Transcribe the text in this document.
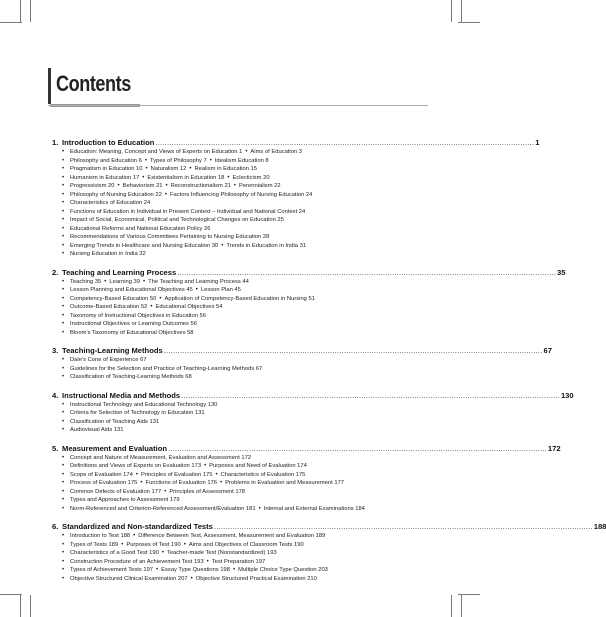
Contents
1. Introduction to Education .................................................................................................................................................................... 1
• Education: Meaning, Concept and Views of Experts on Education 1 • Aims of Education 3
• Philosophy and Education 6 • Types of Philosophy 7 • Idealism Education 8
• Pragmatism in Education 10 • Naturalism 12 • Realism in Education 15
• Humanism in Education 17 • Existentialism in Education 18 • Eclecticism 20
• Progressivism 20 • Behaviorism 21 • Reconstructionalism 21 • Perennialism 22
• Philosophy of Nursing Education 22 • Factors Influencing Philosophy of Nursing Education 24
• Characteristics of Education 24
• Functions of Education in Individual in Present Context – Individual and National Context 24
• Impact of Social, Economical, Political and Technological Changes on Education 25
• Educational Reforms and National Education Policy 26
• Recommendations of Various Committees Pertaining to Nursing Education 28
• Emerging Trends in Healthcare and Nursing Education 30 • Trends in Education in India 31
• Nursing Education in India 32
2. Teaching and Learning Process .................................................................................................................................................................... 35
• Teaching 35 • Learning 39 • The Teaching and Learning Process 44
• Lesson Planning and Educational Objectives 45 • Lesson Plan 45
• Competency-Based Education 50 • Application of Competency-Based Education in Nursing 51
• Outcome-Based Education 52 • Educational Objectives 54
• Taxonomy of Instructional Objectives in Education 56
• Instructional Objectives or Learning Outcomes 56
• Bloom’s Taxonomy of Educational Objectives 58
3. Teaching-Learning Methods .................................................................................................................................................................... 67
• Dale’s Cone of Experience 67
• Guidelines for the Selection and Practice of Teaching-Learning Methods 67
• Classification of Teaching-Learning Methods 68
4. Instructional Media and Methods .................................................................................................................................................................... 130
• Instructional Technology and Educational Technology 130
• Criteria for Selection of Technology in Education 131
• Classification of Teaching Aids 131
• Audiovisual Aids 131
5. Measurement and Evaluation .................................................................................................................................................................... 172
• Concept and Nature of Measurement, Evaluation and Assessment 172
• Definitions and Views of Experts on Evaluation 173 • Purposes and Need of Evaluation 174
• Scope of Evaluation 174 • Principles of Evaluation 175 • Characteristics of Evaluation 175
• Process of Evaluation 175 • Functions of Evaluation 176 • Problems in Evaluation and Measurement 177
• Common Defects of Evaluation 177 • Principles of Assessment 178
• Types and Approaches to Assessment 179
• Norm-Referenced and Criterion-Referenced Assessment/Evaluation 181 • Internal and External Examinations 184
6. Standardized and Non-standardized Tests .................................................................................................................................................................... 188
• Introduction to Test 188 • Difference Between Test, Assessment, Measurement and Evaluation 189
• Types of Tests 189 • Purposes of Test 190 • Aims and Objectives of Classroom Tests 190
• Characteristics of a Good Test 190 • Teacher-made Test (Nonstandardized) 193
• Construction Procedure of an Achievement Test 193 • Test Preparation 197
• Types of Achievement Tests 197 • Essay Type Questions 198 • Multiple Choice Type Question 203
• Objective Structured Clinical Examination 207 • Objective Structured Practical Examination 210
